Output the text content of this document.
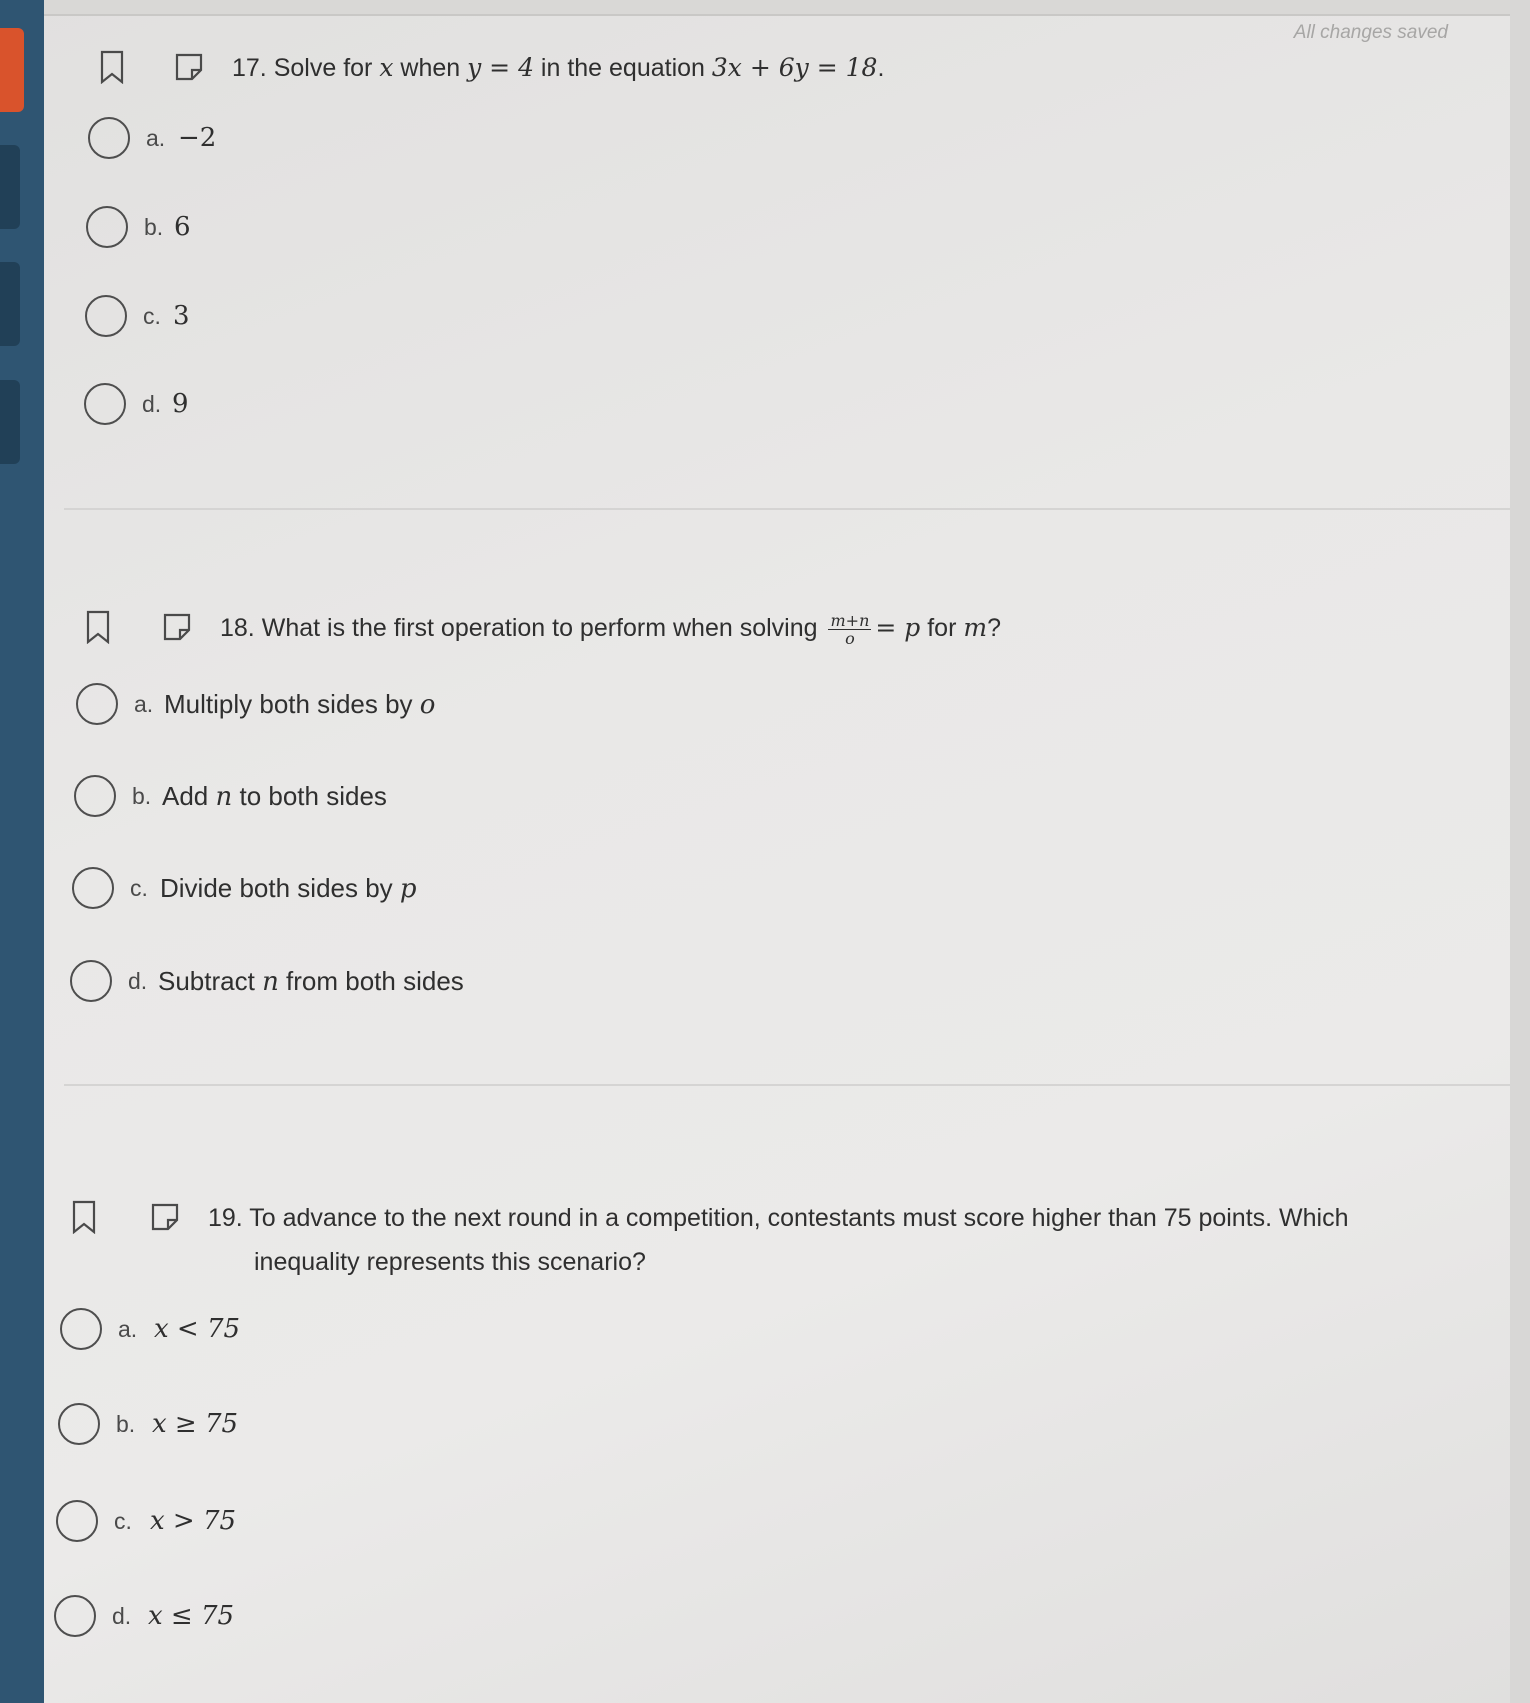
All changes saved
17. Solve for x when y = 4 in the equation 3x + 6y = 18.
a. −2
b. 6
c. 3
d. 9
18. What is the first operation to perform when solving $\frac{m+n}{o} = p$ for m?
a. Multiply both sides by o
b. Add n to both sides
c. Divide both sides by p
d. Subtract n from both sides
19. To advance to the next round in a competition, contestants must score higher than 75 points. Which
inequality represents this scenario?
a. x < 75
b. x ≥ 75
c. x > 75
d. x ≤ 75
